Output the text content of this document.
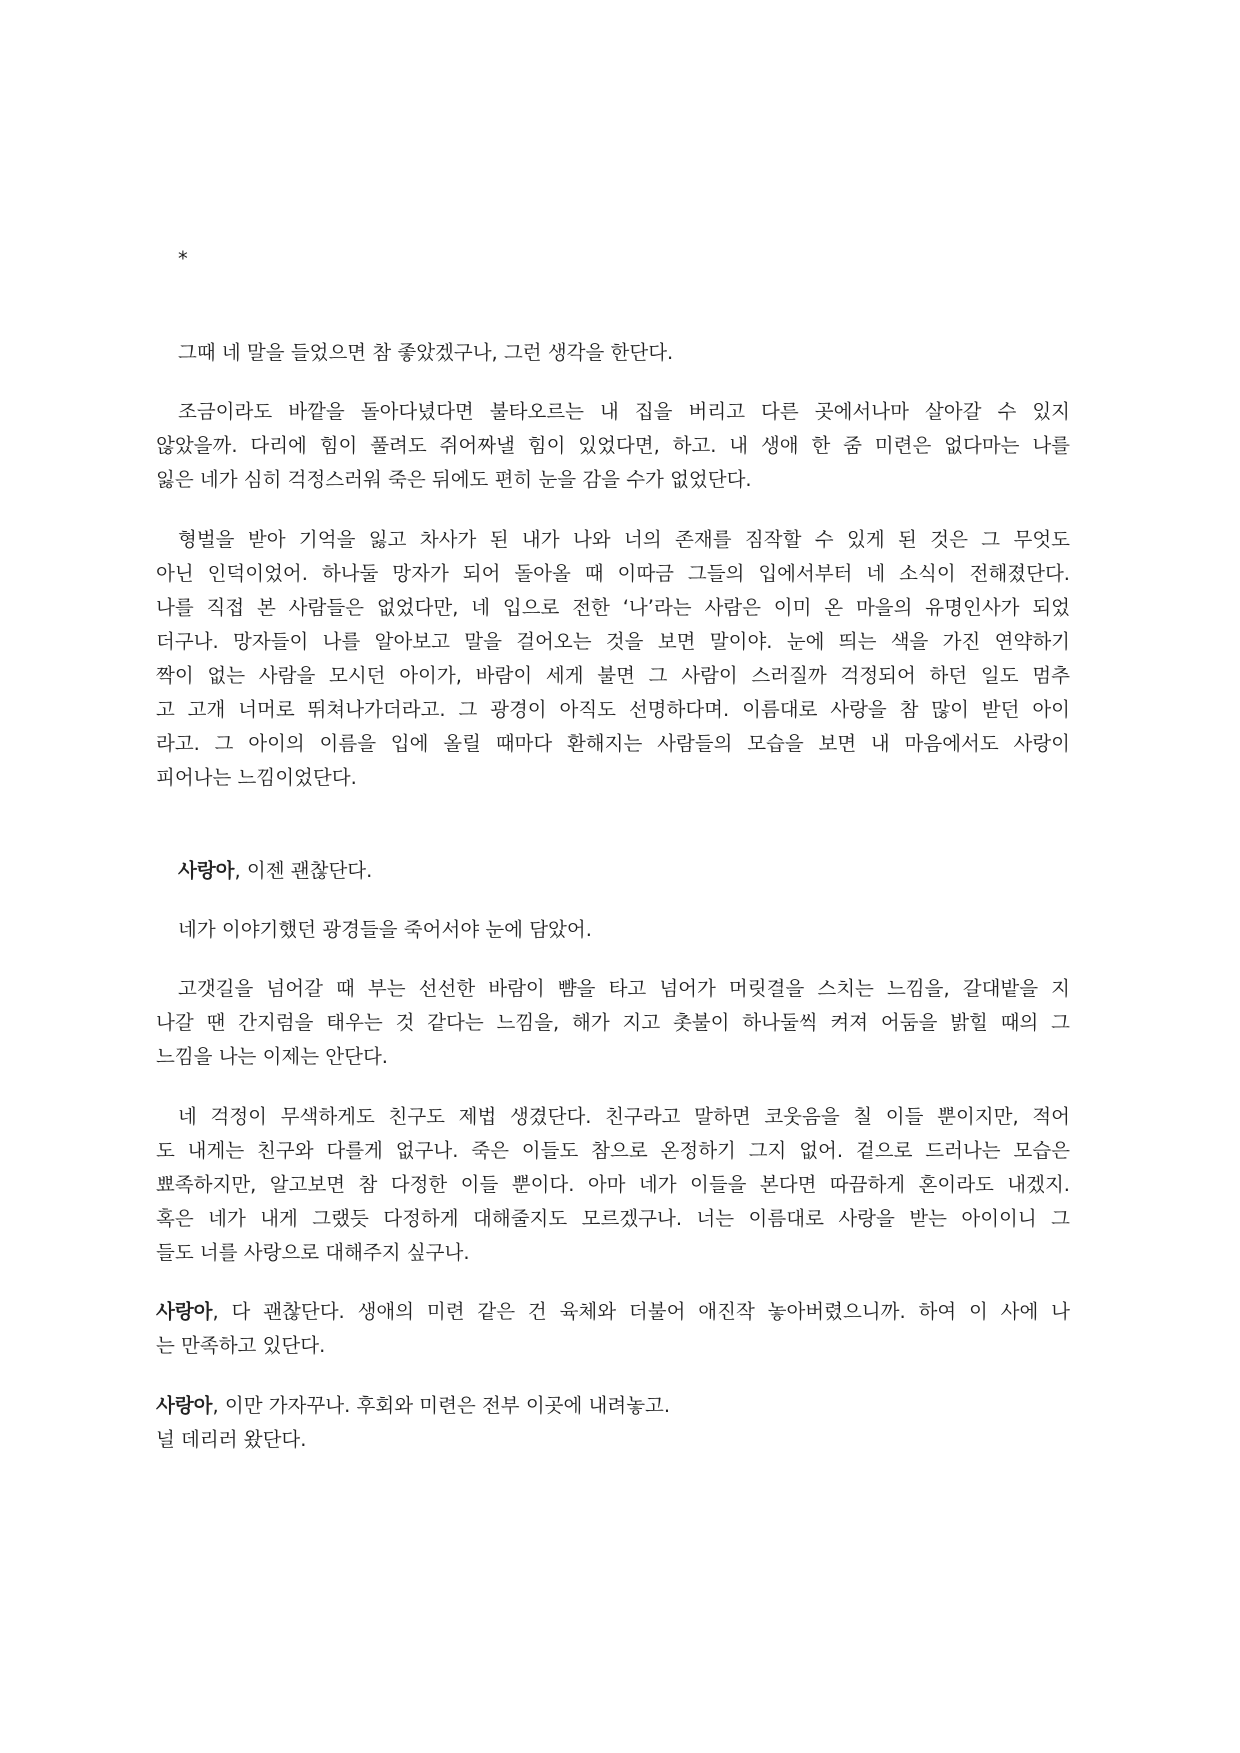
*
그때 네 말을 들었으면 참 좋았겠구나, 그런 생각을 한단다.
조금이라도 바깥을 돌아다녔다면 불타오르는 내 집을 버리고 다른 곳에서나마 살아갈 수 있지
않았을까. 다리에 힘이 풀려도 쥐어짜낼 힘이 있었다면, 하고. 내 생애 한 줌 미련은 없다마는 나를
잃은 네가 심히 걱정스러워 죽은 뒤에도 편히 눈을 감을 수가 없었단다.
형벌을 받아 기억을 잃고 차사가 된 내가 나와 너의 존재를 짐작할 수 있게 된 것은 그 무엇도
아닌 인덕이었어. 하나둘 망자가 되어 돌아올 때 이따금 그들의 입에서부터 네 소식이 전해졌단다.
나를 직접 본 사람들은 없었다만, 네 입으로 전한 ‘나’라는 사람은 이미 온 마을의 유명인사가 되었
더구나. 망자들이 나를 알아보고 말을 걸어오는 것을 보면 말이야. 눈에 띄는 색을 가진 연약하기
짝이 없는 사람을 모시던 아이가, 바람이 세게 불면 그 사람이 스러질까 걱정되어 하던 일도 멈추
고 고개 너머로 뛰쳐나가더라고. 그 광경이 아직도 선명하다며. 이름대로 사랑을 참 많이 받던 아이
라고. 그 아이의 이름을 입에 올릴 때마다 환해지는 사람들의 모습을 보면 내 마음에서도 사랑이
피어나는 느낌이었단다.
사랑아, 이젠 괜찮단다.
네가 이야기했던 광경들을 죽어서야 눈에 담았어.
고갯길을 넘어갈 때 부는 선선한 바람이 뺨을 타고 넘어가 머릿결을 스치는 느낌을, 갈대밭을 지
나갈 땐 간지럼을 태우는 것 같다는 느낌을, 해가 지고 촛불이 하나둘씩 켜져 어둠을 밝힐 때의 그
느낌을 나는 이제는 안단다.
네 걱정이 무색하게도 친구도 제법 생겼단다. 친구라고 말하면 코웃음을 칠 이들 뿐이지만, 적어
도 내게는 친구와 다를게 없구나. 죽은 이들도 참으로 온정하기 그지 없어. 겉으로 드러나는 모습은
뾰족하지만, 알고보면 참 다정한 이들 뿐이다. 아마 네가 이들을 본다면 따끔하게 혼이라도 내겠지.
혹은 네가 내게 그랬듯 다정하게 대해줄지도 모르겠구나. 너는 이름대로 사랑을 받는 아이이니 그
들도 너를 사랑으로 대해주지 싶구나.
사랑아, 다 괜찮단다. 생애의 미련 같은 건 육체와 더불어 애진작 놓아버렸으니까. 하여 이 사에 나
는 만족하고 있단다.
사랑아, 이만 가자꾸나. 후회와 미련은 전부 이곳에 내려놓고.
널 데리러 왔단다.
